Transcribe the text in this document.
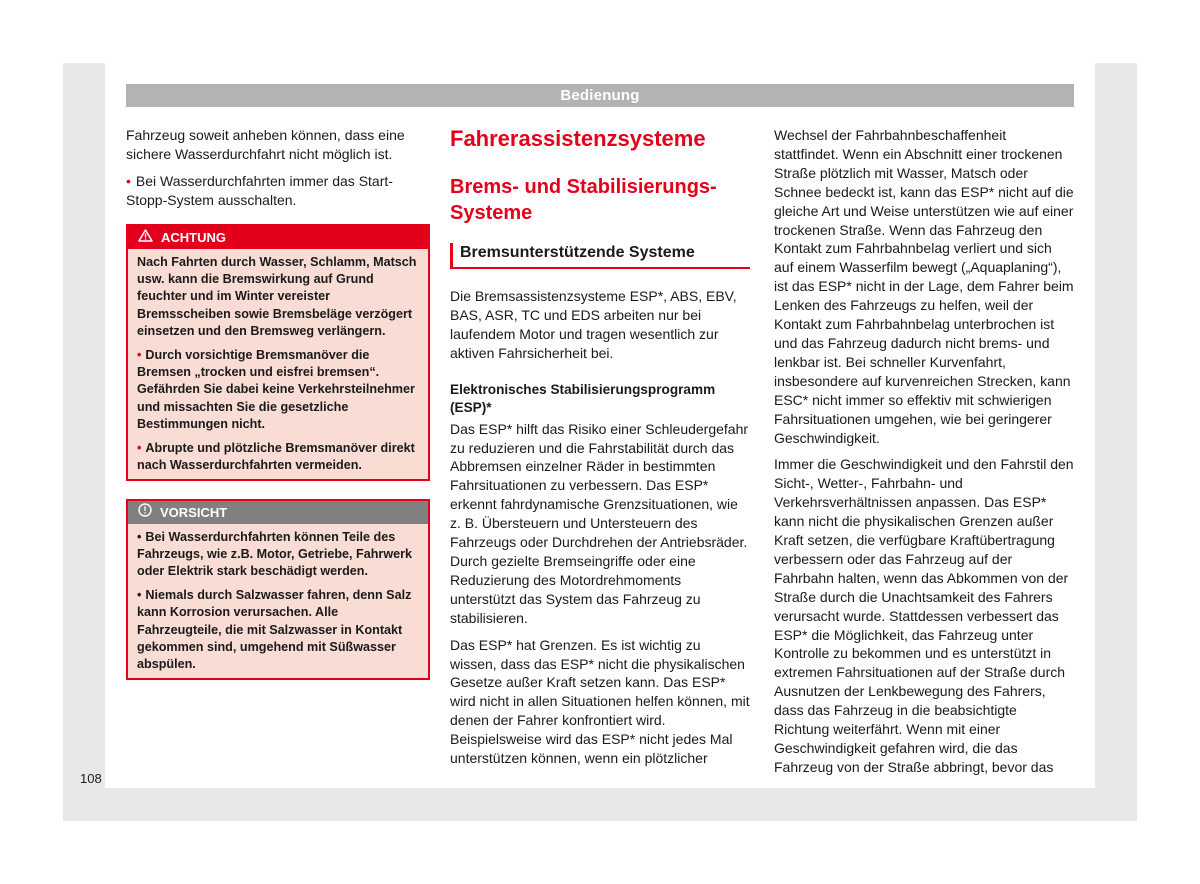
Bedienung

Fahrzeug soweit anheben können, dass eine sichere Wasserdurchfahrt nicht möglich ist.

• Bei Wasserdurchfahrten immer das Start-Stopp-System ausschalten.

ACHTUNG

Nach Fahrten durch Wasser, Schlamm, Matsch usw. kann die Bremswirkung auf Grund feuchter und im Winter vereister Bremsscheiben sowie Bremsbeläge verzögert einsetzen und den Bremsweg verlängern.

• Durch vorsichtige Bremsmanöver die Bremsen „trocken und eisfrei bremsen“. Gefährden Sie dabei keine Verkehrsteilnehmer und missachten Sie die gesetzliche Bestimmungen nicht.

• Abrupte und plötzliche Bremsmanöver direkt nach Wasserdurchfahrten vermeiden.

VORSICHT

• Bei Wasserdurchfahrten können Teile des Fahrzeugs, wie z.B. Motor, Getriebe, Fahrwerk oder Elektrik stark beschädigt werden.

• Niemals durch Salzwasser fahren, denn Salz kann Korrosion verursachen. Alle Fahrzeugteile, die mit Salzwasser in Kontakt gekommen sind, umgehend mit Süßwasser abspülen.

Fahrerassistenzsysteme
Brems- und Stabilisierungs-Systeme
Bremsunterstützende Systeme

Die Bremsassistenzsysteme ESP*, ABS, EBV, BAS, ASR, TC und EDS arbeiten nur bei laufendem Motor und tragen wesentlich zur aktiven Fahrsicherheit bei.

Elektronisches Stabilisierungsprogramm (ESP)*

Das ESP* hilft das Risiko einer Schleudergefahr zu reduzieren und die Fahrstabilität durch das Abbremsen einzelner Räder in bestimmten Fahrsituationen zu verbessern. Das ESP* erkennt fahrdynamische Grenzsituationen, wie z. B. Übersteuern und Untersteuern des Fahrzeugs oder Durchdrehen der Antriebsräder. Durch gezielte Bremseingriffe oder eine Reduzierung des Motordrehmoments unterstützt das System das Fahrzeug zu stabilisieren.

Das ESP* hat Grenzen. Es ist wichtig zu wissen, dass das ESP* nicht die physikalischen Gesetze außer Kraft setzen kann. Das ESP* wird nicht in allen Situationen helfen können, mit denen der Fahrer konfrontiert wird. Beispielsweise wird das ESP* nicht jedes Mal unterstützen können, wenn ein plötzlicher

Wechsel der Fahrbahnbeschaffenheit stattfindet. Wenn ein Abschnitt einer trockenen Straße plötzlich mit Wasser, Matsch oder Schnee bedeckt ist, kann das ESP* nicht auf die gleiche Art und Weise unterstützen wie auf einer trockenen Straße. Wenn das Fahrzeug den Kontakt zum Fahrbahnbelag verliert und sich auf einem Wasserfilm bewegt („Aquaplaning“), ist das ESP* nicht in der Lage, dem Fahrer beim Lenken des Fahrzeugs zu helfen, weil der Kontakt zum Fahrbahnbelag unterbrochen ist und das Fahrzeug dadurch nicht brems- und lenkbar ist. Bei schneller Kurvenfahrt, insbesondere auf kurvenreichen Strecken, kann ESC* nicht immer so effektiv mit schwierigen Fahrsituationen umgehen, wie bei geringerer Geschwindigkeit.

Immer die Geschwindigkeit und den Fahrstil den Sicht-, Wetter-, Fahrbahn- und Verkehrsverhältnissen anpassen. Das ESP* kann nicht die physikalischen Grenzen außer Kraft setzen, die verfügbare Kraftübertragung verbessern oder das Fahrzeug auf der Fahrbahn halten, wenn das Abkommen von der Straße durch die Unachtsamkeit des Fahrers verursacht wurde. Stattdessen verbessert das ESP* die Möglichkeit, das Fahrzeug unter Kontrolle zu bekommen und es unterstützt in extremen Fahrsituationen auf der Straße durch Ausnutzen der Lenkbewegung des Fahrers, dass das Fahrzeug in die beabsichtigte Richtung weiterfährt. Wenn mit einer Geschwindigkeit gefahren wird, die das Fahrzeug von der Straße abbringt, bevor das

108
